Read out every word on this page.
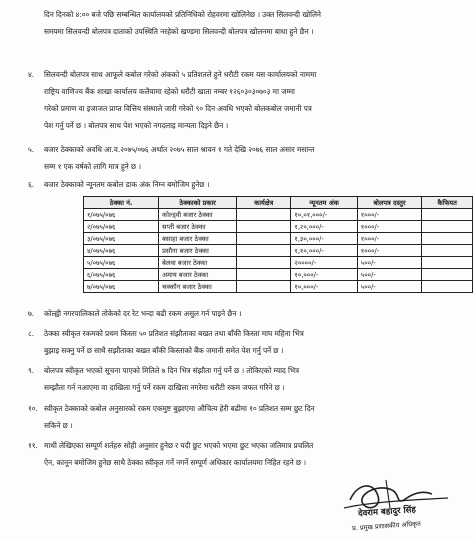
दिन दिनको ४:०० बजे पछि सम्बन्धित कार्यालयको प्रतिनिधिको रोहवरमा खोलिनेछ । उक्त सिलवन्दी खोलिने
समयमा सिलवन्दी बोलपत्र दाताको उपस्थिति नरहेको खण्डमा सिलवन्दी बोलपत्र खोलनमा बाधा हुने छैन ।
४. सिलवन्दी बोलपत्र साथ आफूले कबोल गरेको अंकको ५ प्रतिशतले हुने धरौटी रकम यस कार्यालयको नाममा
राष्ट्रिय वाणिज्य बैंक शाखा कार्यालय कलैयामा रहेको धरौटी खाता नम्बर १२६०३०३०७०३ मा जम्मा
गरेको प्रमाण वा इजाजत प्राप्त वित्तिय संस्थाले जारी गरेको ९० दिन अवधि भएको बोलकबोल जमानी पत्र
पेश गर्नु पर्ने छ । बोलपत्र साथ पेश भएको नगदलाइ मान्यता दिइने छैन ।
५. बजार ठेक्काको अवधि आ.व.२०७५/०७६ अर्थात २०७५ साल श्रावन १ गते देखि २०७६ साल असार मसान्त
सम्म १ एक वर्षको लागि मात्र हुने छ ।
६. बजार ठेक्काको न्यूनतम कबोल डाक अंक निम्न बमोजिम हुनेछ ।
ठेक्का नं.	ठेक्काको प्रकार	कार्यक्षेत्र	न्यूनतम अंक	बोलपत्र दस्तुर	कैफियत
१/०७५/०७६	कोल्ड्वी बजार ठेक्का		१०,०१,०००/-	१०००/-	
२/०७५/०७६	सप्ती बजार ठेक्का		१,२०,०००/-	१०००/-	
३/०७५/०७६	बसाहा बजार ठेक्का		१,३०,०००/-	१०००/-	
४/०७५/०७६	प्रसौना बजार ठेक्का		१,१०,०००/-	१०००/-	
५/०७५/०७६	बेलवा बजार ठेक्का		२००००/-	५००/-	
६/०७५/०७६	अमाय बजार ठेक्का		१०,०००/-	५००/-	
७/०७५/०७६	चक्कौन बजार ठेक्का		१०,०००/-	५००/-	
७. कोल्ह्वी नगरपालिकाले तोकेको दर रेट भन्दा बढी रकम असुल गर्न पाइने छैन ।
८. ठेक्का स्वीकृत रकमको प्रथम किस्ता ५० प्रतिशत संझौताका बखत तथा बाँकी किस्ता माघ महिना भित्र
बुझाइ सक्नु पर्ने छ साथै सझौताका बखत बाँकी किस्ताको बैंक जमानी समेत पेश गर्नु पर्ने छ ।
९. बोलपत्र स्वीकृत भएको सूचना पाएको मितिले ७ दिन भित्र संझौता गर्नु पर्ने छ । तोकिएको म्याद भित्र
सम्झौता गर्न नआएमा वा दाखिला गर्नु पर्ने रकम दाखिला नगरेमा धरौटी रकम जफत गरिने छ ।
१०. स्वीकृत ठेक्काको कबोल अनुसारको रकम एकमुष्ट बुझाएमा औचित्य हेरी बढीमा १० प्रतिशत सम्म छुट दिन
सकिने छ ।
११. माथी लेखिएका सम्पूर्ण शर्तहरु सोही अनुसार हुनेछ र यदी छुट भएको भएमा छुट भएका जतिमात्र प्रचलित
ऐन, कानून बमोजिम हुनेछ साथै ठेक्का स्वीकृत गर्ने नगर्ने सम्पूर्ण अधिकार कार्यालयमा निहित रहने छ ।
देवराम बहादुर सिंह
प्र. प्रमुख प्रशासकीय अधिकृत
